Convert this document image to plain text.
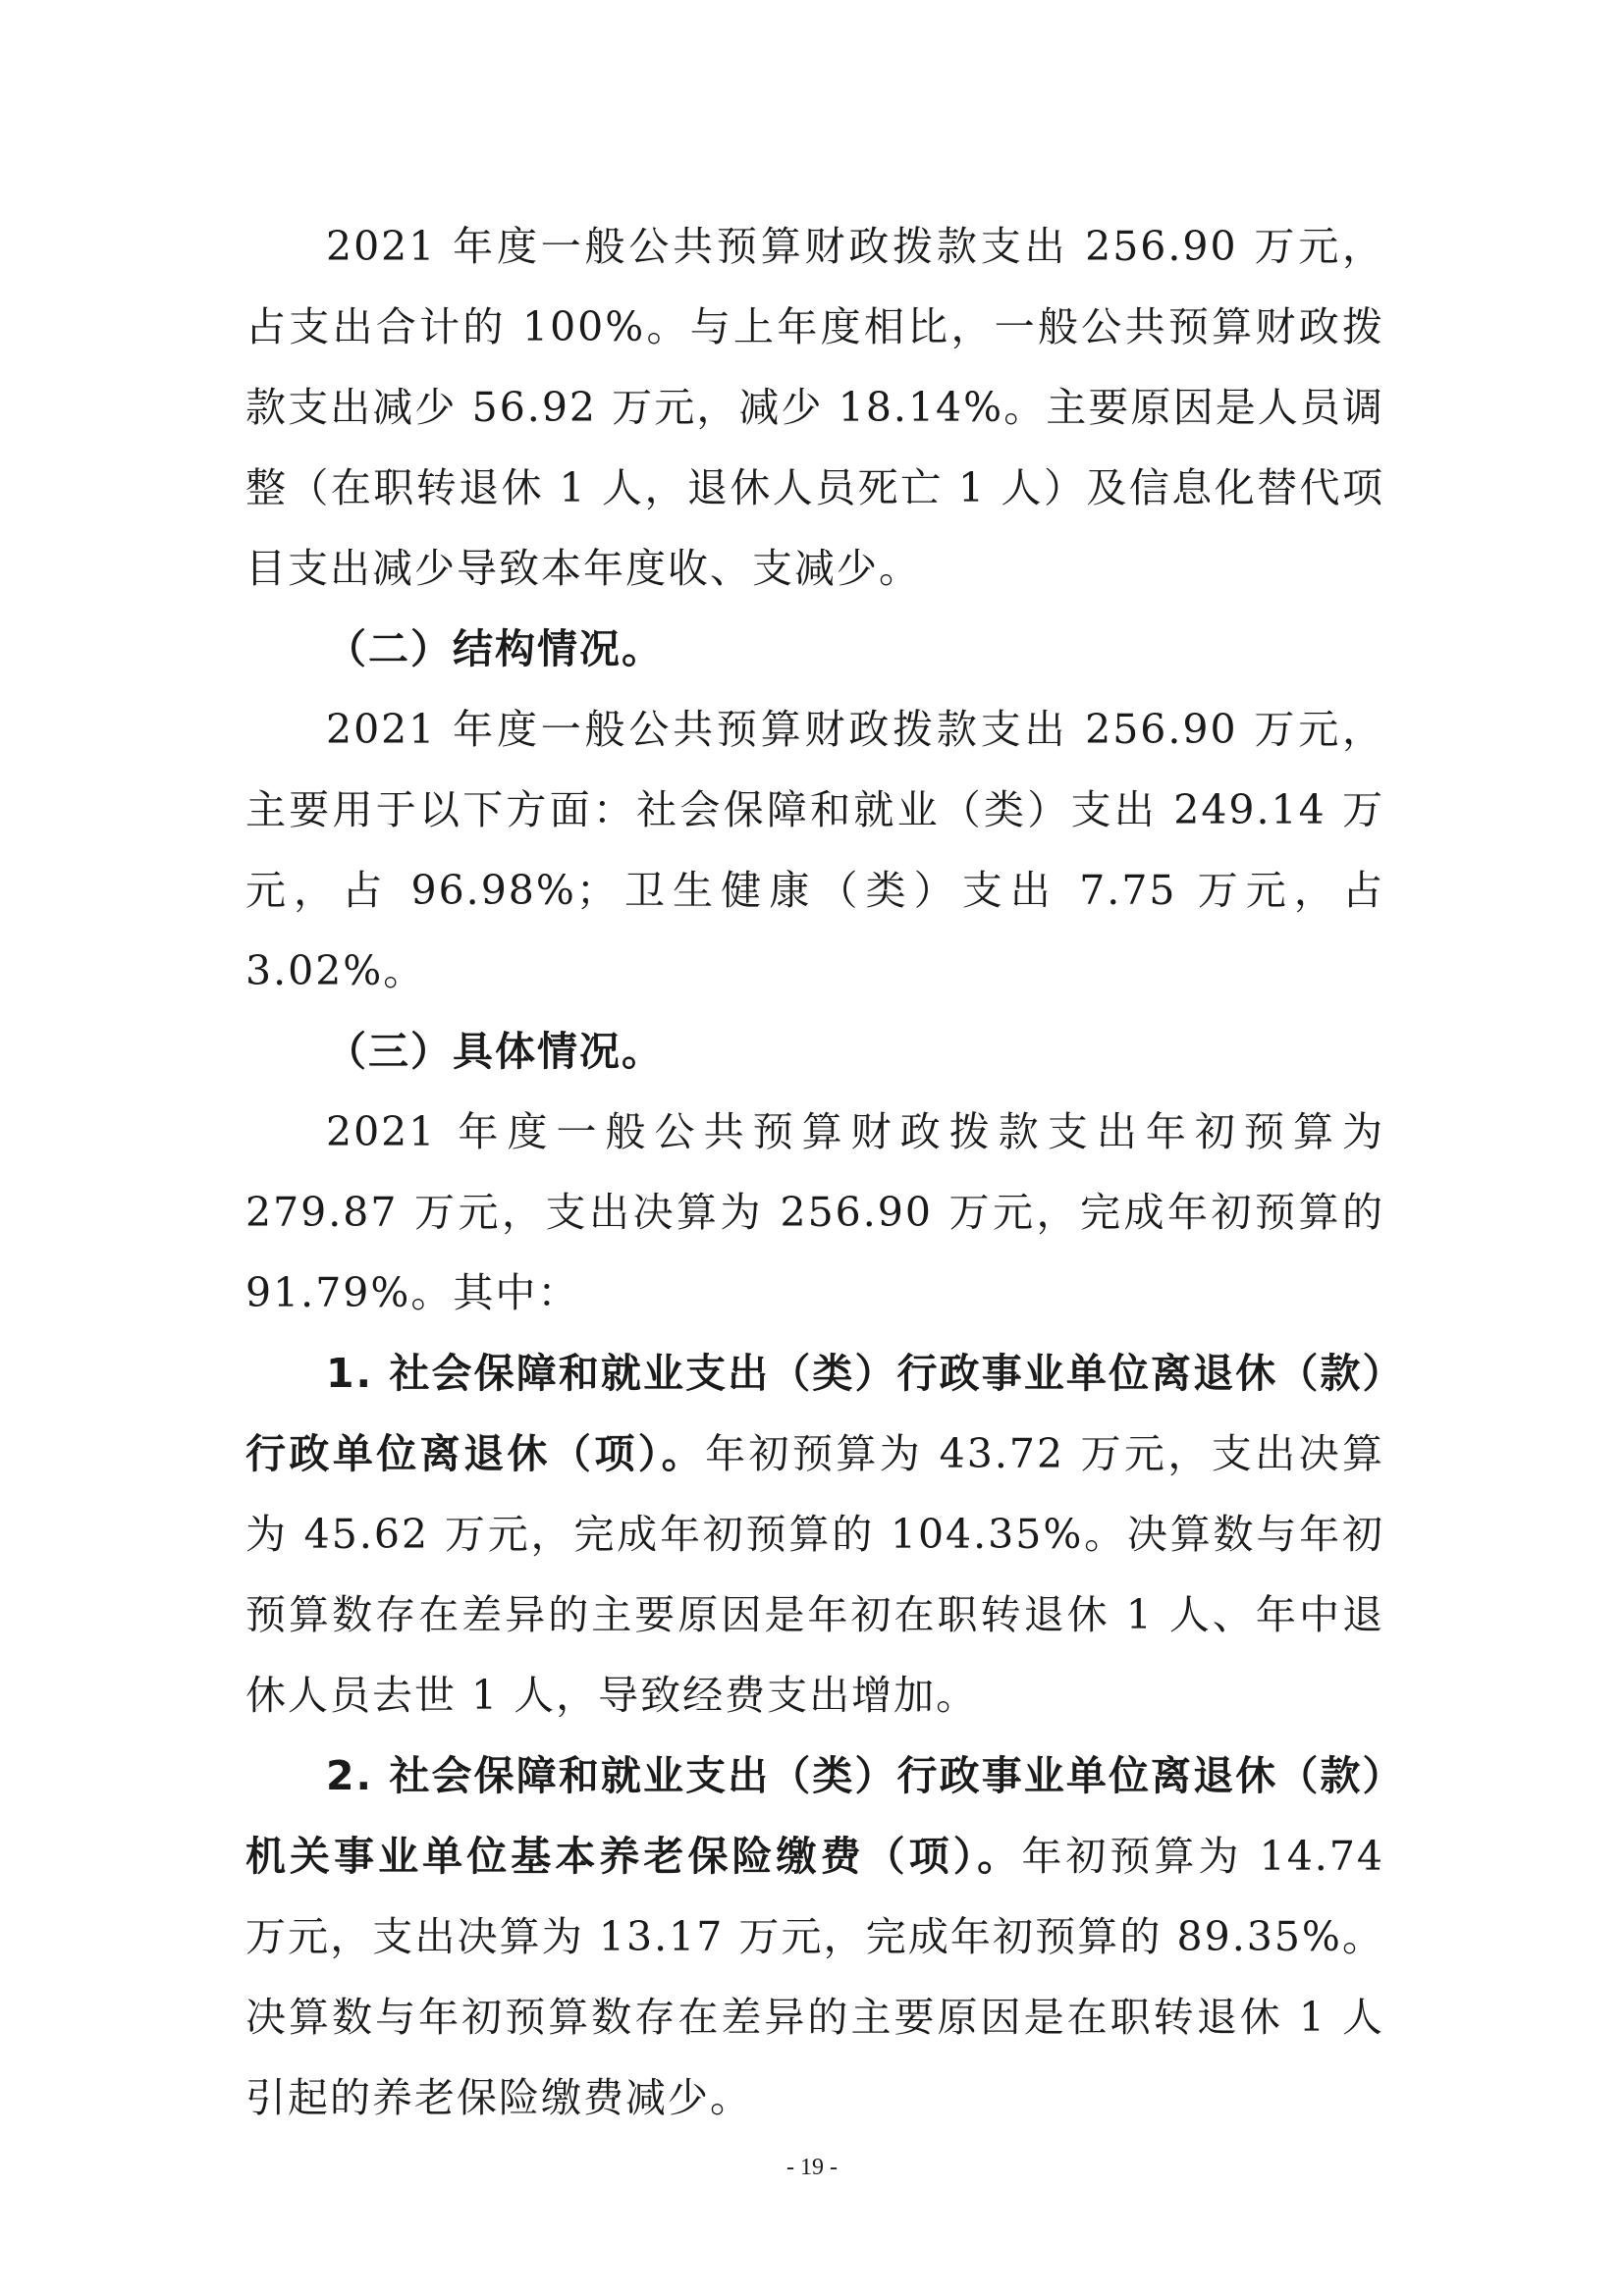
2021 年度一般公共预算财政拨款支出 256.90 万元，占支出合计的 100%。与上年度相比，一般公共预算财政拨款支出减少 56.92 万元，减少 18.14%。主要原因是人员调整（在职转退休 1 人，退休人员死亡 1 人）及信息化替代项目支出减少导致本年度收、支减少。

（二）结构情况。

2021 年度一般公共预算财政拨款支出 256.90 万元，主要用于以下方面：社会保障和就业（类）支出 249.14 万元，占 96.98%；卫生健康（类）支出 7.75 万元，占 3.02%。

（三）具体情况。

2021 年度一般公共预算财政拨款支出年初预算为 279.87 万元，支出决算为 256.90 万元，完成年初预算的 91.79%。其中：

1. 社会保障和就业支出（类）行政事业单位离退休（款）行政单位离退休（项）。年初预算为 43.72 万元，支出决算为 45.62 万元，完成年初预算的 104.35%。决算数与年初预算数存在差异的主要原因是年初在职转退休 1 人、年中退休人员去世 1 人，导致经费支出增加。

2. 社会保障和就业支出（类）行政事业单位离退休（款）机关事业单位基本养老保险缴费（项）。年初预算为 14.74 万元，支出决算为 13.17 万元，完成年初预算的 89.35%。决算数与年初预算数存在差异的主要原因是在职转退休 1 人引起的养老保险缴费减少。

- 19 -
